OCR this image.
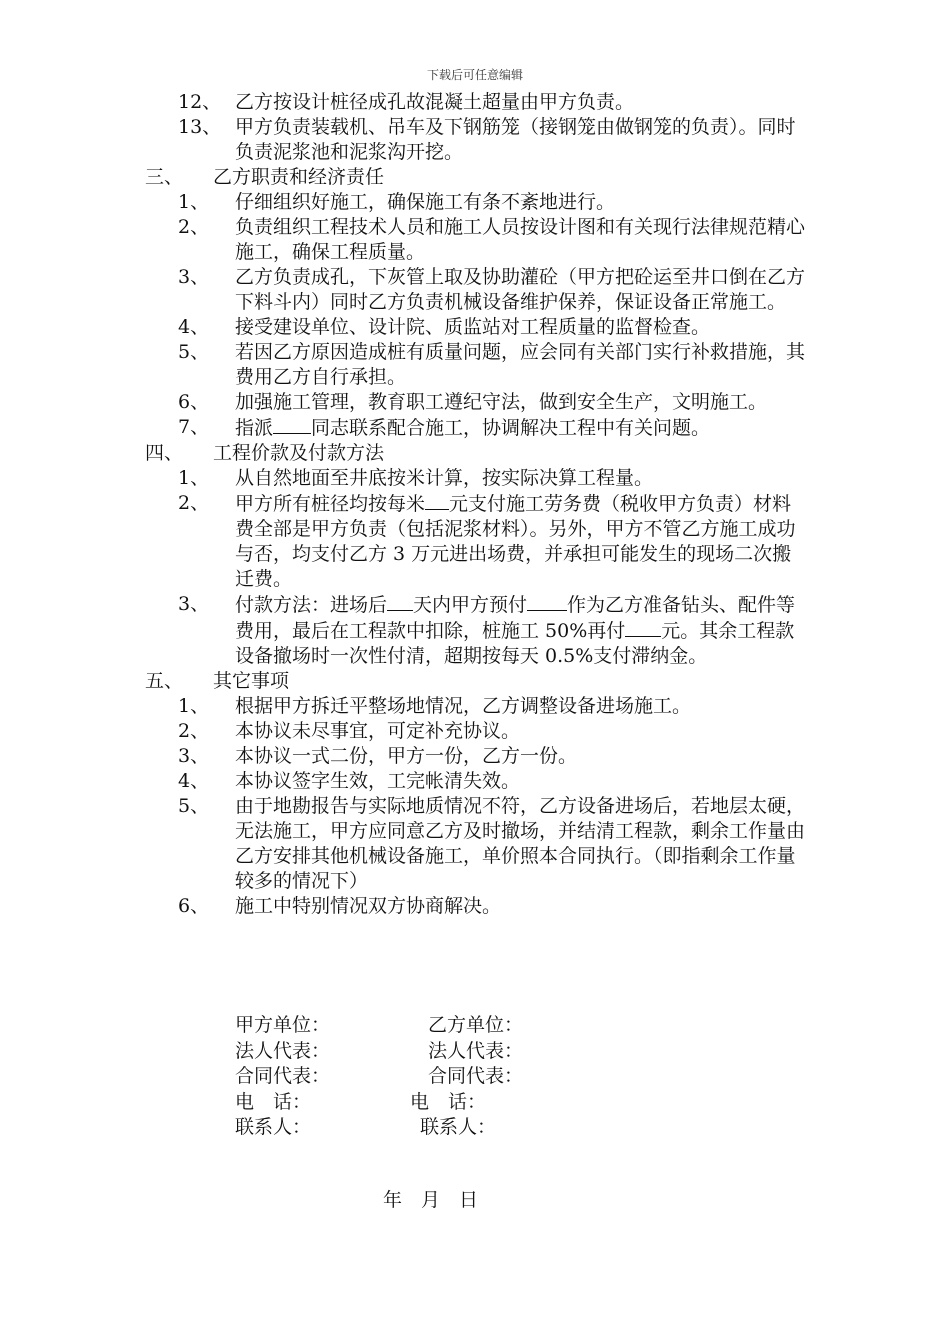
下载后可任意编辑
12、 乙方按设计桩径成孔故混凝土超量由甲方负责。
13、 甲方负责装载机、吊车及下钢筋笼（接钢笼由做钢笼的负责）。同时负责泥浆池和泥浆沟开挖。
三、 乙方职责和经济责任
1、 仔细组织好施工，确保施工有条不紊地进行。
2、 负责组织工程技术人员和施工人员按设计图和有关现行法律规范精心施工，确保工程质量。
3、 乙方负责成孔，下灰管上取及协助灌砼（甲方把砼运至井口倒在乙方下料斗内）同时乙方负责机械设备维护保养，保证设备正常施工。
4、 接受建设单位、设计院、质监站对工程质量的监督检查。
5、 若因乙方原因造成桩有质量问题，应会同有关部门实行补救措施，其费用乙方自行承担。
6、 加强施工管理，教育职工遵纪守法，做到安全生产，文明施工。
7、 指派 同志联系配合施工，协调解决工程中有关问题。
四、 工程价款及付款方法
1、 从自然地面至井底按米计算，按实际决算工程量。
2、 甲方所有桩径均按每米 元支付施工劳务费（税收甲方负责）材料费全部是甲方负责（包括泥浆材料）。另外，甲方不管乙方施工成功与否，均支付乙方 3 万元进出场费，并承担可能发生的现场二次搬迁费。
3、 付款方法：进场后 天内甲方预付 作为乙方准备钻头、配件等费用，最后在工程款中扣除，桩施工 50%再付 元。其余工程款设备撤场时一次性付清，超期按每天 0.5%支付滞纳金。
五、 其它事项
1、 根据甲方拆迁平整场地情况，乙方调整设备进场施工。
2、 本协议未尽事宜，可定补充协议。
3、 本协议一式二份，甲方一份，乙方一份。
4、 本协议签字生效，工完帐清失效。
5、 由于地勘报告与实际地质情况不符，乙方设备进场后，若地层太硬，无法施工，甲方应同意乙方及时撤场，并结清工程款，剩余工作量由乙方安排其他机械设备施工，单价照本合同执行。（即指剩余工作量较多的情况下）
6、 施工中特别情况双方协商解决。
甲方单位：	乙方单位：
法人代表：	法人代表：
合同代表：	合同代表：
电　话：	电　话：
联系人：	联系人：
年　月　日
